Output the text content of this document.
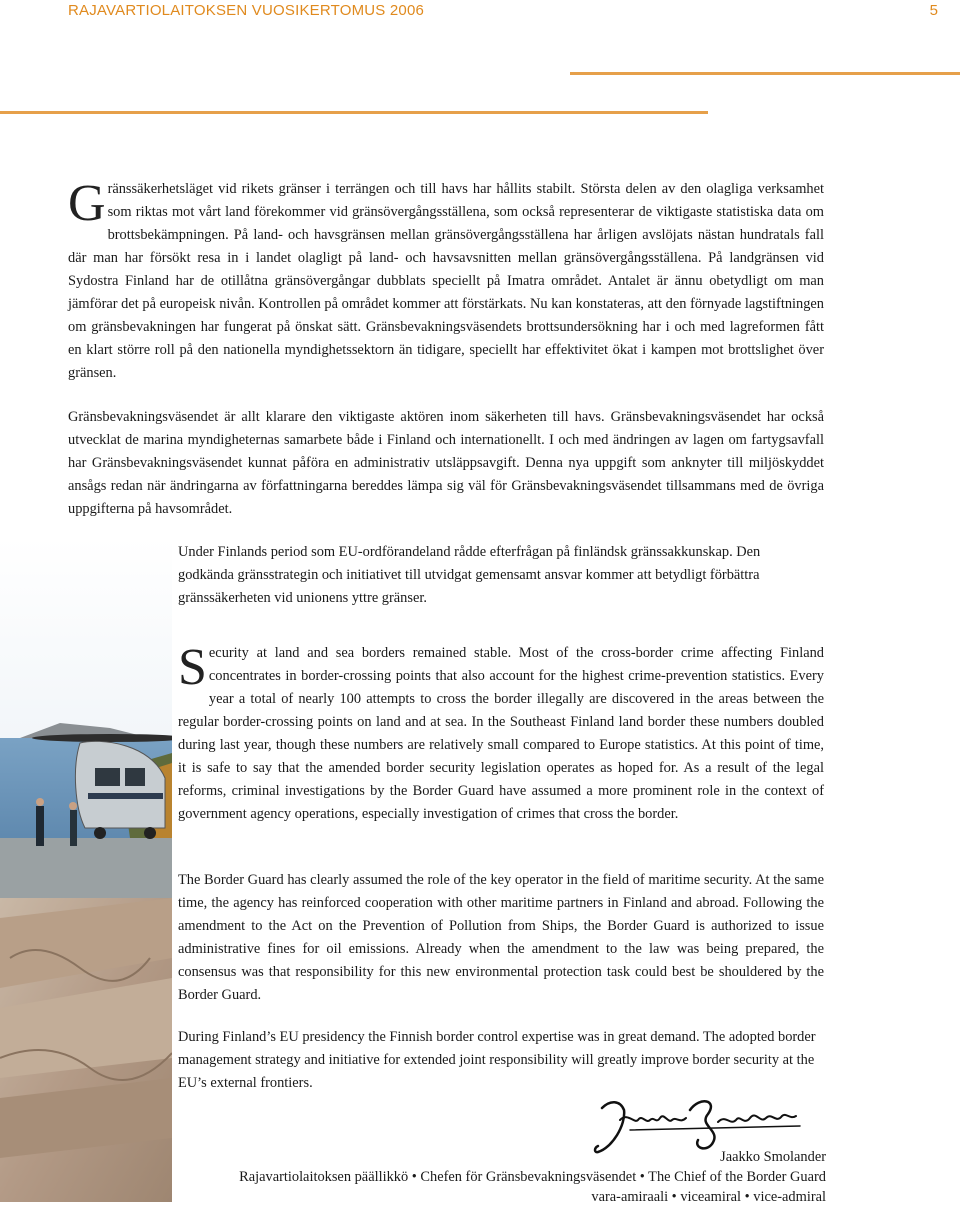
RAJAVARTIOLAITOKSEN VUOSIKERTOMUS 2006	5

Gränssäkerhetsläget vid rikets gränser i terrängen och till havs har hållits stabilt. Största delen av den olagliga verksamhet som riktas mot vårt land förekommer vid gränsövergångsställena, som också representerar de viktigaste statistiska data om brottsbekämpningen. På land- och havsgränsen mellan gränsövergångsställena har årligen avslöjats nästan hundratals fall där man har försökt resa in i landet olagligt på land- och havsavsnitten mellan gränsövergångsställena. På landgränsen vid Sydostra Finland har de otillåtna gränsövergångar dubblats speciellt på Imatra området. Antalet är ännu obetydligt om man jämförar det på europeisk nivån. Kontrollen på området kommer att förstärkats. Nu kan konstateras, att den förnyade lagstiftningen om gränsbevakningen har fungerat på önskat sätt. Gränsbevakningsväsendets brottsundersökning har i och med lagreformen fått en klart större roll på den nationella myndighetssektorn än tidigare, speciellt har effektivitet ökat i kampen mot brottslighet över gränsen.

Gränsbevakningsväsendet är allt klarare den viktigaste aktören inom säkerheten till havs. Gränsbevakningsväsendet har också utvecklat de marina myndigheternas samarbete både i Finland och internationellt. I och med ändringen av lagen om fartygsavfall har Gränsbevakningsväsendet kunnat påföra en administrativ utsläppsavgift. Denna nya uppgift som anknyter till miljöskyddet ansågs redan när ändringarna av författningarna bereddes lämpa sig väl för Gränsbevakningsväsendet tillsammans med de övriga uppgifterna på havsområdet.

Under Finlands period som EU-ordförandeland rådde efterfrågan på finländsk gränssakkunskap. Den godkända gränsstrategin och initiativet till utvidgat gemensamt ansvar kommer att betydligt förbättra gränssäkerheten vid unionens yttre gränser.

Security at land and sea borders remained stable. Most of the cross-border crime affecting Finland concentrates in border-crossing points that also account for the highest crime-prevention statistics. Every year a total of nearly 100 attempts to cross the border illegally are discovered in the areas between the regular border-crossing points on land and at sea. In the Southeast Finland land border these numbers doubled during last year, though these numbers are relatively small compared to Europe statistics. At this point of time, it is safe to say that the amended border security legislation operates as hoped for. As a result of the legal reforms, criminal investigations by the Border Guard have assumed a more prominent role in the context of government agency operations, especially investigation of crimes that cross the border.

The Border Guard has clearly assumed the role of the key operator in the field of maritime security. At the same time, the agency has reinforced cooperation with other maritime partners in Finland and abroad. Following the amendment to the Act on the Prevention of Pollution from Ships, the Border Guard is authorized to issue administrative fines for oil emissions. Already when the amendment to the law was being prepared, the consensus was that responsibility for this new environmental protection task could best be shouldered by the Border Guard.

During Finland’s EU presidency the Finnish border control expertise was in great demand. The adopted border management strategy and initiative for extended joint responsibility will greatly improve border security at the EU’s external frontiers.

Jaakko Smolander
Rajavartiolaitoksen päällikkö • Chefen för Gränsbevakningsväsendet • The Chief of the Border Guard
vara-amiraali • viceamiral • vice-admiral
